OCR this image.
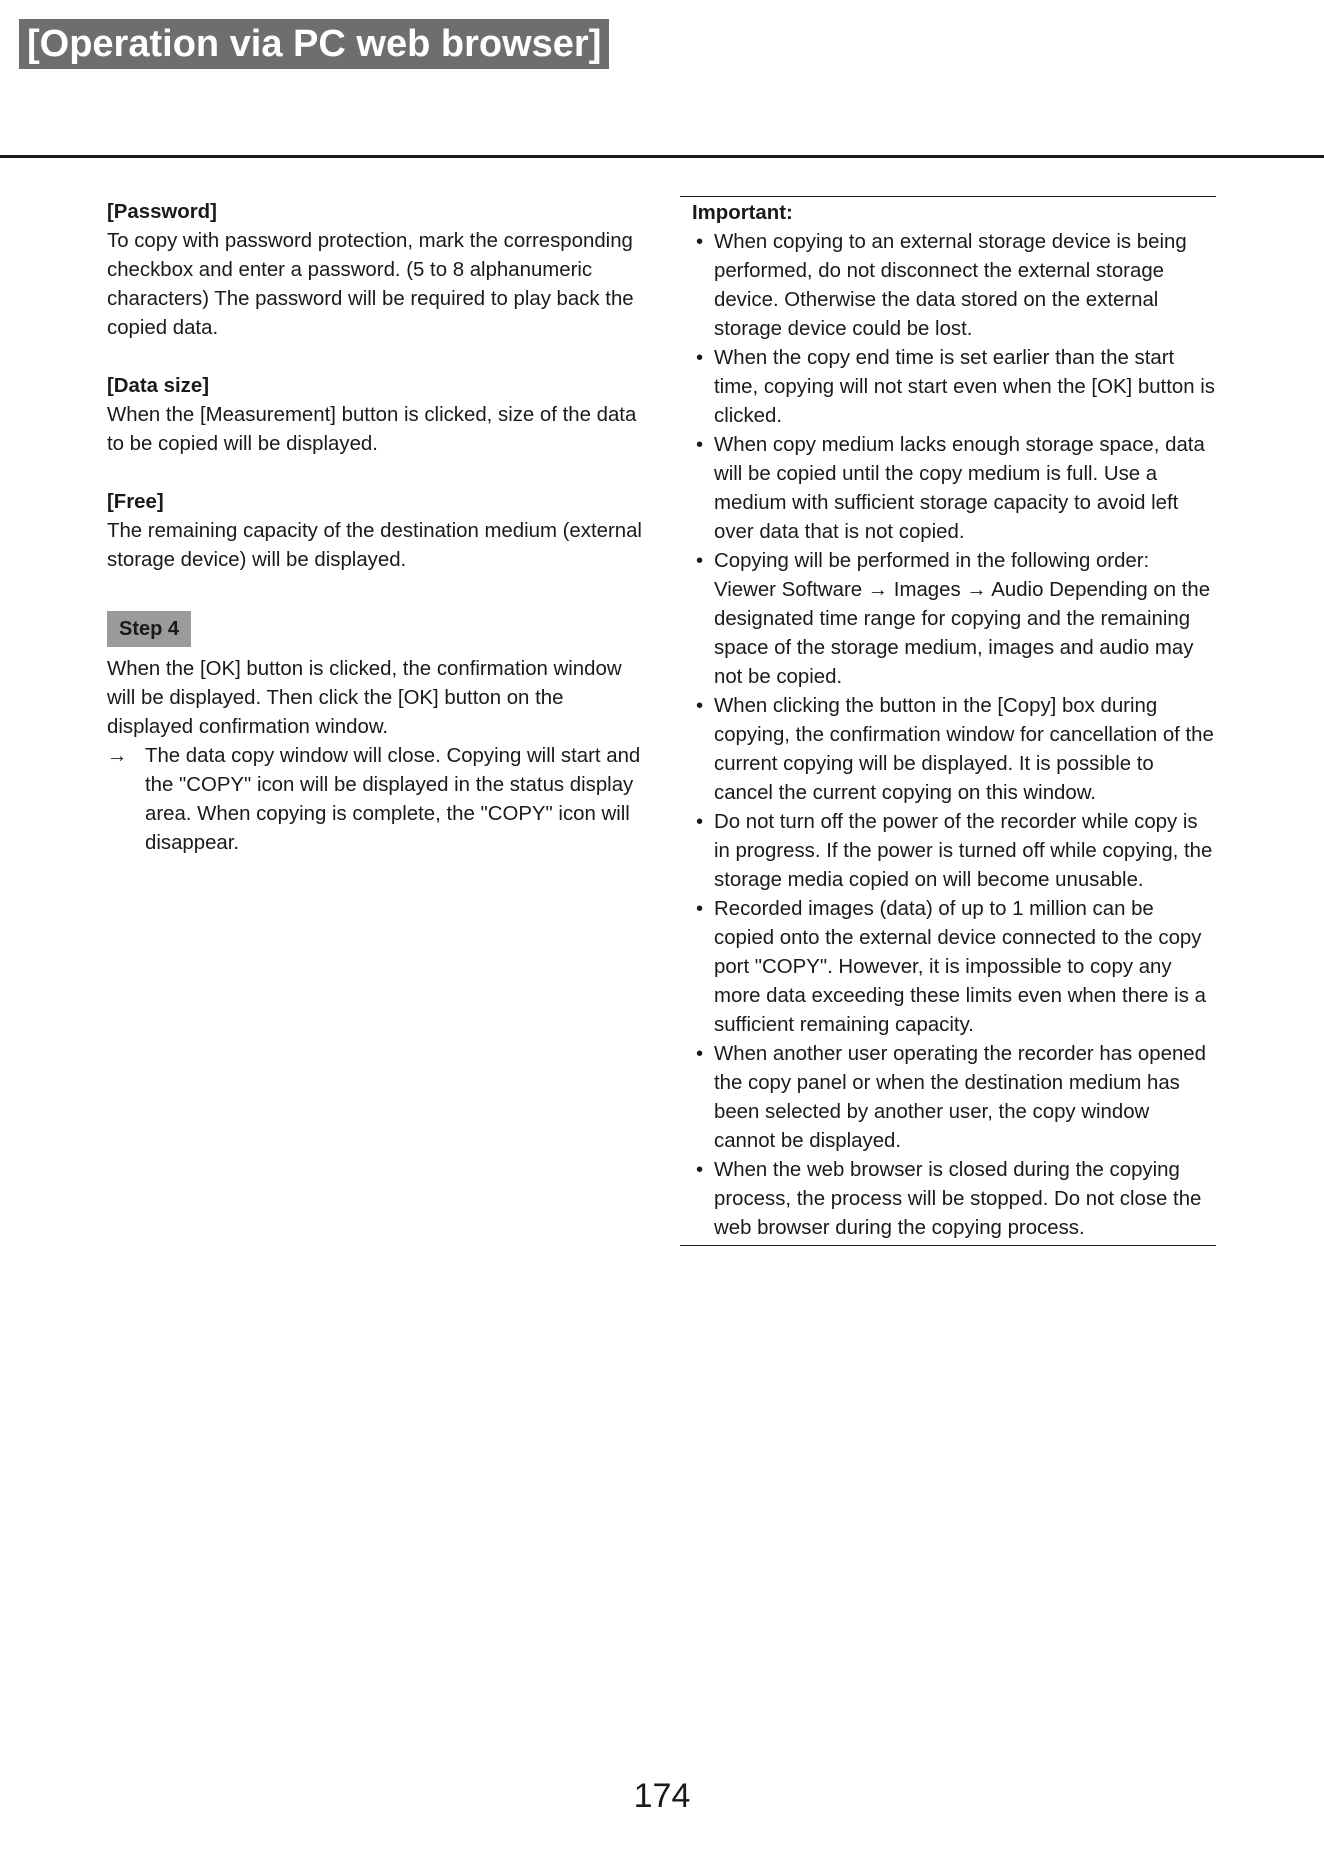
[Operation via PC web browser]

[Password]

To copy with password protection, mark the corresponding checkbox and enter a password. (5 to 8 alphanumeric characters) The password will be required to play back the copied data.

[Data size]

When the [Measurement] button is clicked, size of the data to be copied will be displayed.

[Free]

The remaining capacity of the destination medium (external storage device) will be displayed.

Step 4

When the [OK] button is clicked, the confirmation window will be displayed. Then click the [OK] button on the displayed confirmation window.

→ The data copy window will close. Copying will start and the "COPY" icon will be displayed in the status display area. When copying is complete, the "COPY" icon will disappear.

Important:

• When copying to an external storage device is being performed, do not disconnect the external storage device. Otherwise the data stored on the external storage device could be lost.
• When the copy end time is set earlier than the start time, copying will not start even when the [OK] button is clicked.
• When copy medium lacks enough storage space, data will be copied until the copy medium is full. Use a medium with sufficient storage capacity to avoid left over data that is not copied.
• Copying will be performed in the following order: Viewer Software → Images → Audio Depending on the designated time range for copying and the remaining space of the storage medium, images and audio may not be copied.
• When clicking the button in the [Copy] box during copying, the confirmation window for cancellation of the current copying will be displayed. It is possible to cancel the current copying on this window.
• Do not turn off the power of the recorder while copy is in progress. If the power is turned off while copying, the storage media copied on will become unusable.
• Recorded images (data) of up to 1 million can be copied onto the external device connected to the copy port "COPY". However, it is impossible to copy any more data exceeding these limits even when there is a sufficient remaining capacity.
• When another user operating the recorder has opened the copy panel or when the destination medium has been selected by another user, the copy window cannot be displayed.
• When the web browser is closed during the copying process, the process will be stopped. Do not close the web browser during the copying process.
174
